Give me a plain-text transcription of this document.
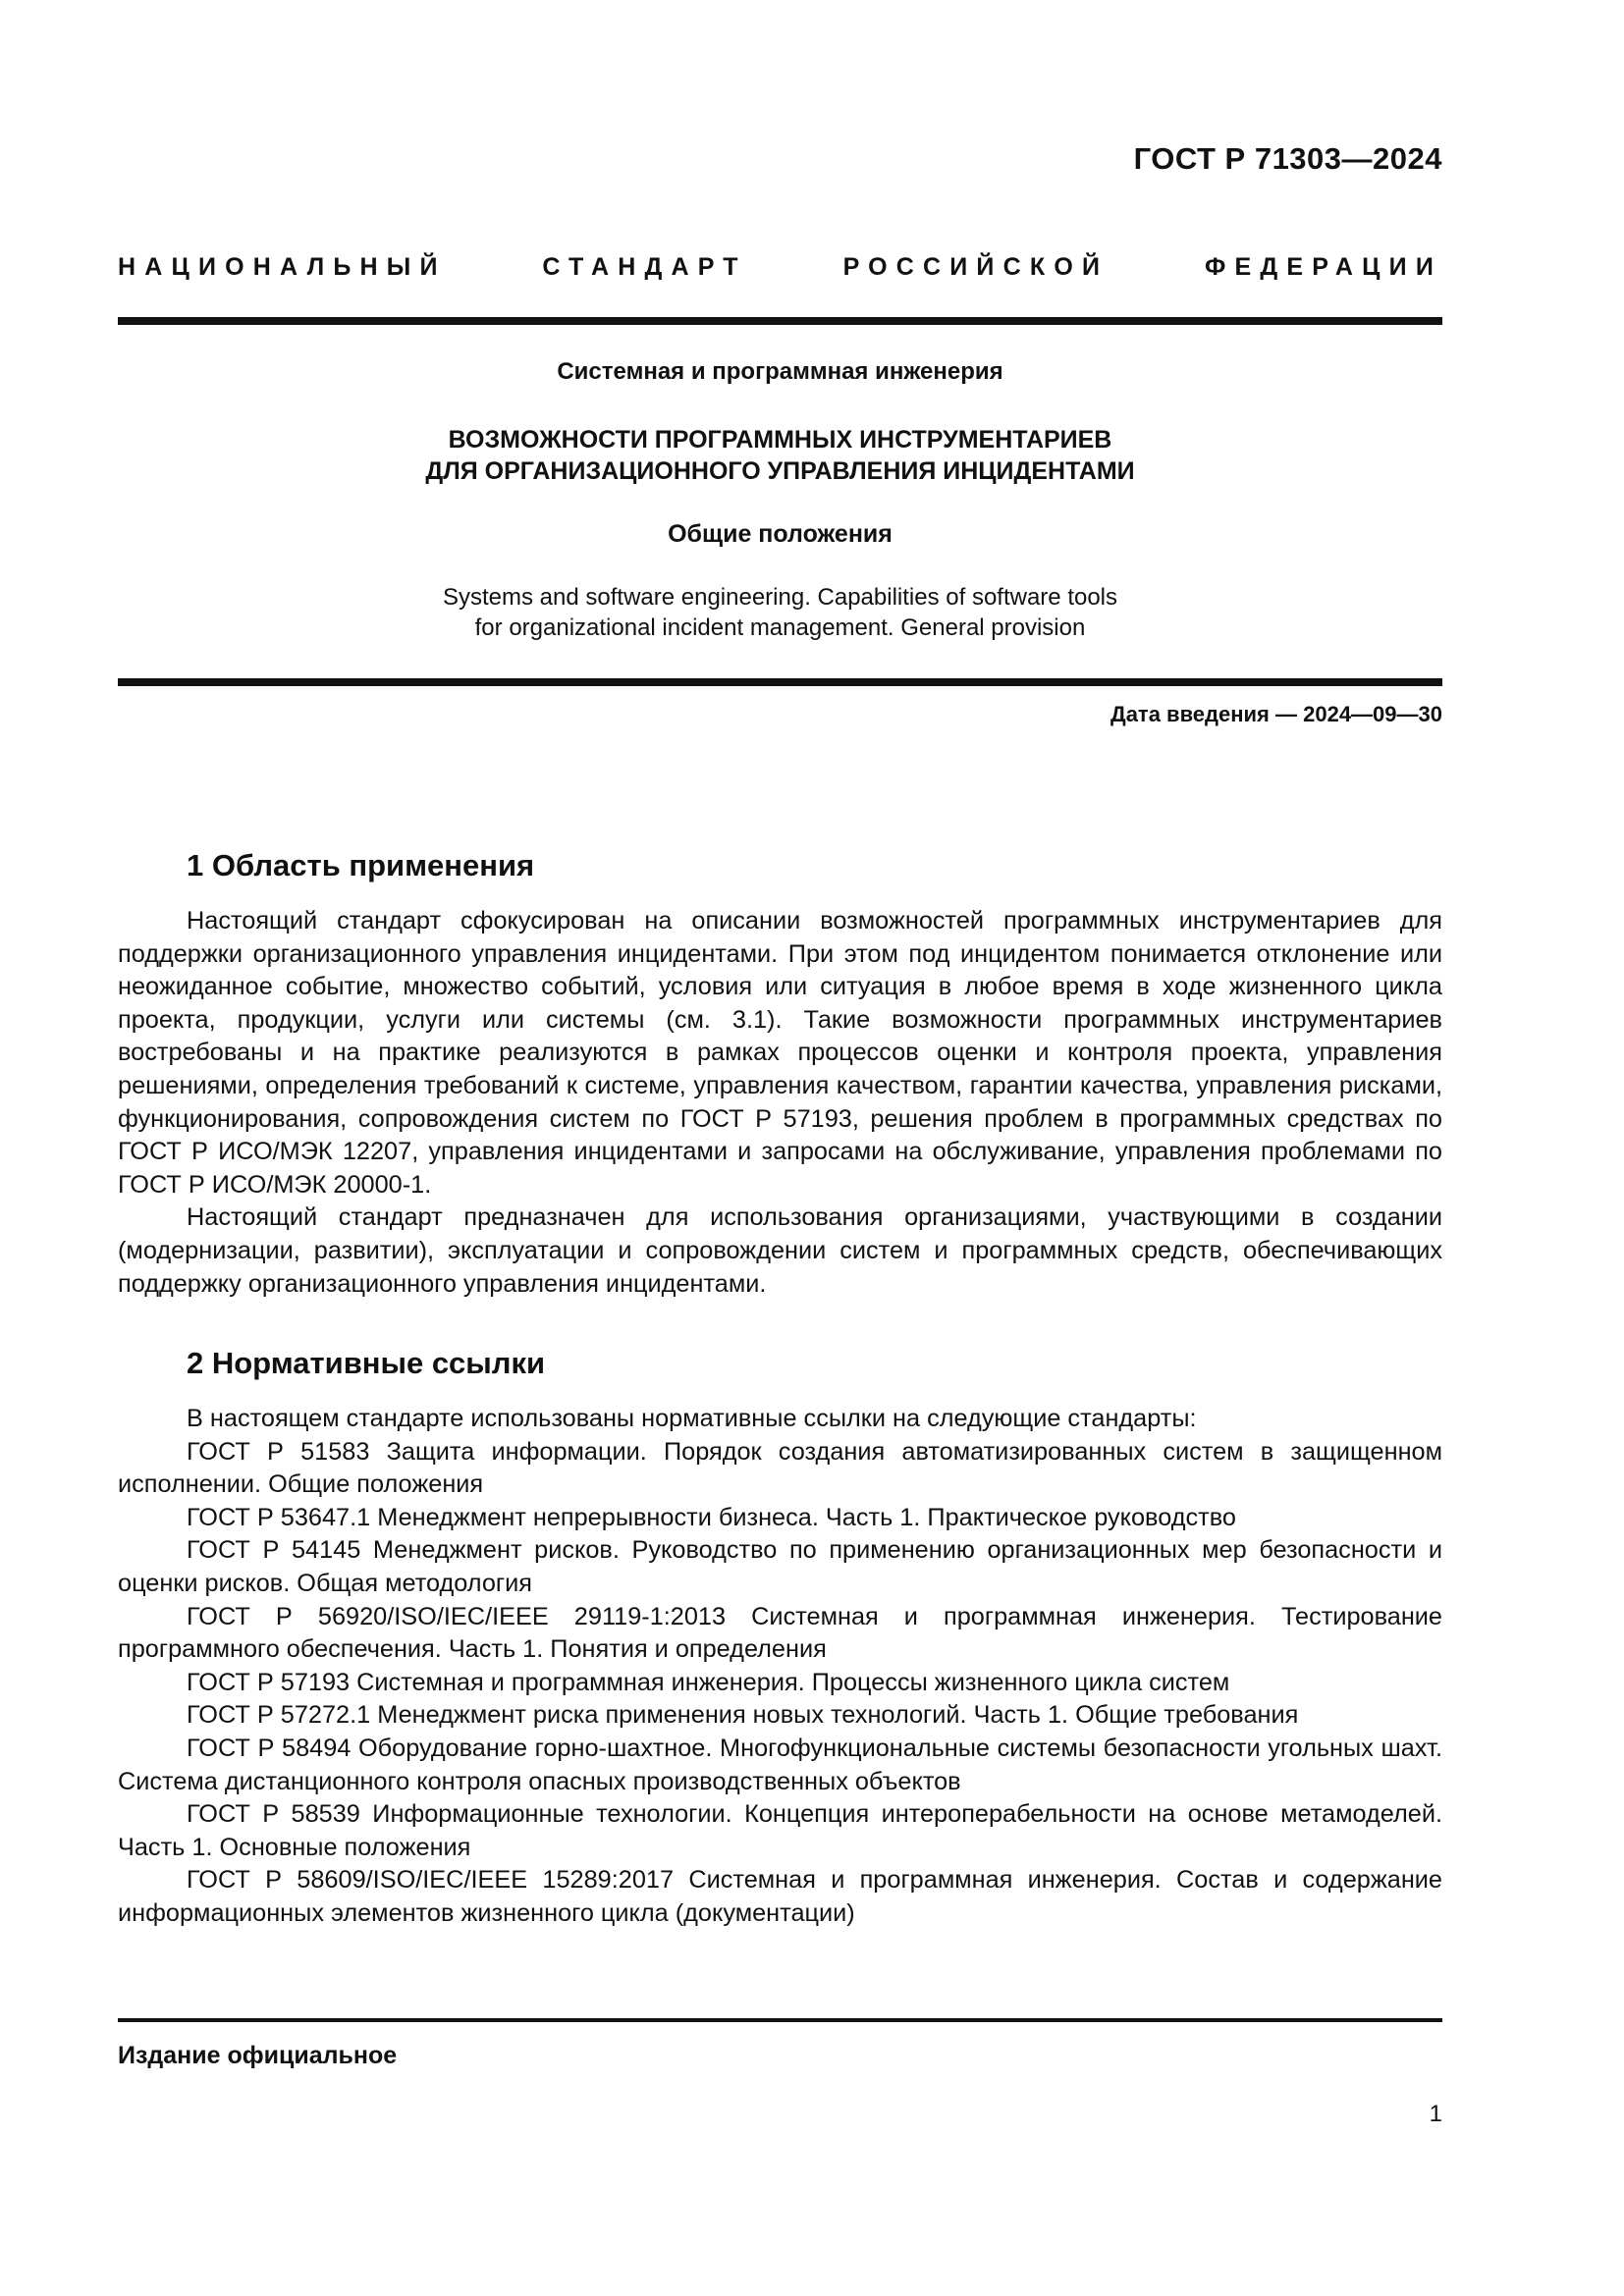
ГОСТ Р 71303—2024
НАЦИОНАЛЬНЫЙ СТАНДАРТ РОССИЙСКОЙ ФЕДЕРАЦИИ
Системная и программная инженерия
ВОЗМОЖНОСТИ ПРОГРАММНЫХ ИНСТРУМЕНТАРИЕВ
ДЛЯ ОРГАНИЗАЦИОННОГО УПРАВЛЕНИЯ ИНЦИДЕНТАМИ
Общие положения
Systems and software engineering. Capabilities of software tools
for organizational incident management. General provision
Дата введения — 2024—09—30
1 Область применения

Настоящий стандарт сфокусирован на описании возможностей программных инструментариев для поддержки организационного управления инцидентами. При этом под инцидентом понимается отклонение или неожиданное событие, множество событий, условия или ситуация в любое время в ходе жизненного цикла проекта, продукции, услуги или системы (см. 3.1). Такие возможности программных инструментариев востребованы и на практике реализуются в рамках процессов оценки и контроля проекта, управления решениями, определения требований к системе, управления качеством, гарантии качества, управления рисками, функционирования, сопровождения систем по ГОСТ Р 57193, решения проблем в программных средствах по ГОСТ Р ИСО/МЭК 12207, управления инцидентами и запросами на обслуживание, управления проблемами по ГОСТ Р ИСО/МЭК 20000-1.

Настоящий стандарт предназначен для использования организациями, участвующими в создании (модернизации, развитии), эксплуатации и сопровождении систем и программных средств, обеспечивающих поддержку организационного управления инцидентами.

2 Нормативные ссылки

В настоящем стандарте использованы нормативные ссылки на следующие стандарты:

ГОСТ Р 51583 Защита информации. Порядок создания автоматизированных систем в защищенном исполнении. Общие положения

ГОСТ Р 53647.1 Менеджмент непрерывности бизнеса. Часть 1. Практическое руководство

ГОСТ Р 54145 Менеджмент рисков. Руководство по применению организационных мер безопасности и оценки рисков. Общая методология

ГОСТ Р 56920/ISO/IEC/IEEE 29119-1:2013 Системная и программная инженерия. Тестирование программного обеспечения. Часть 1. Понятия и определения

ГОСТ Р 57193 Системная и программная инженерия. Процессы жизненного цикла систем

ГОСТ Р 57272.1 Менеджмент риска применения новых технологий. Часть 1. Общие требования

ГОСТ Р 58494 Оборудование горно-шахтное. Многофункциональные системы безопасности угольных шахт. Система дистанционного контроля опасных производственных объектов

ГОСТ Р 58539 Информационные технологии. Концепция интероперабельности на основе метамоделей. Часть 1. Основные положения

ГОСТ Р 58609/ISO/IEC/IEEE 15289:2017 Системная и программная инженерия. Состав и содержание информационных элементов жизненного цикла (документации)

Издание официальное
1
